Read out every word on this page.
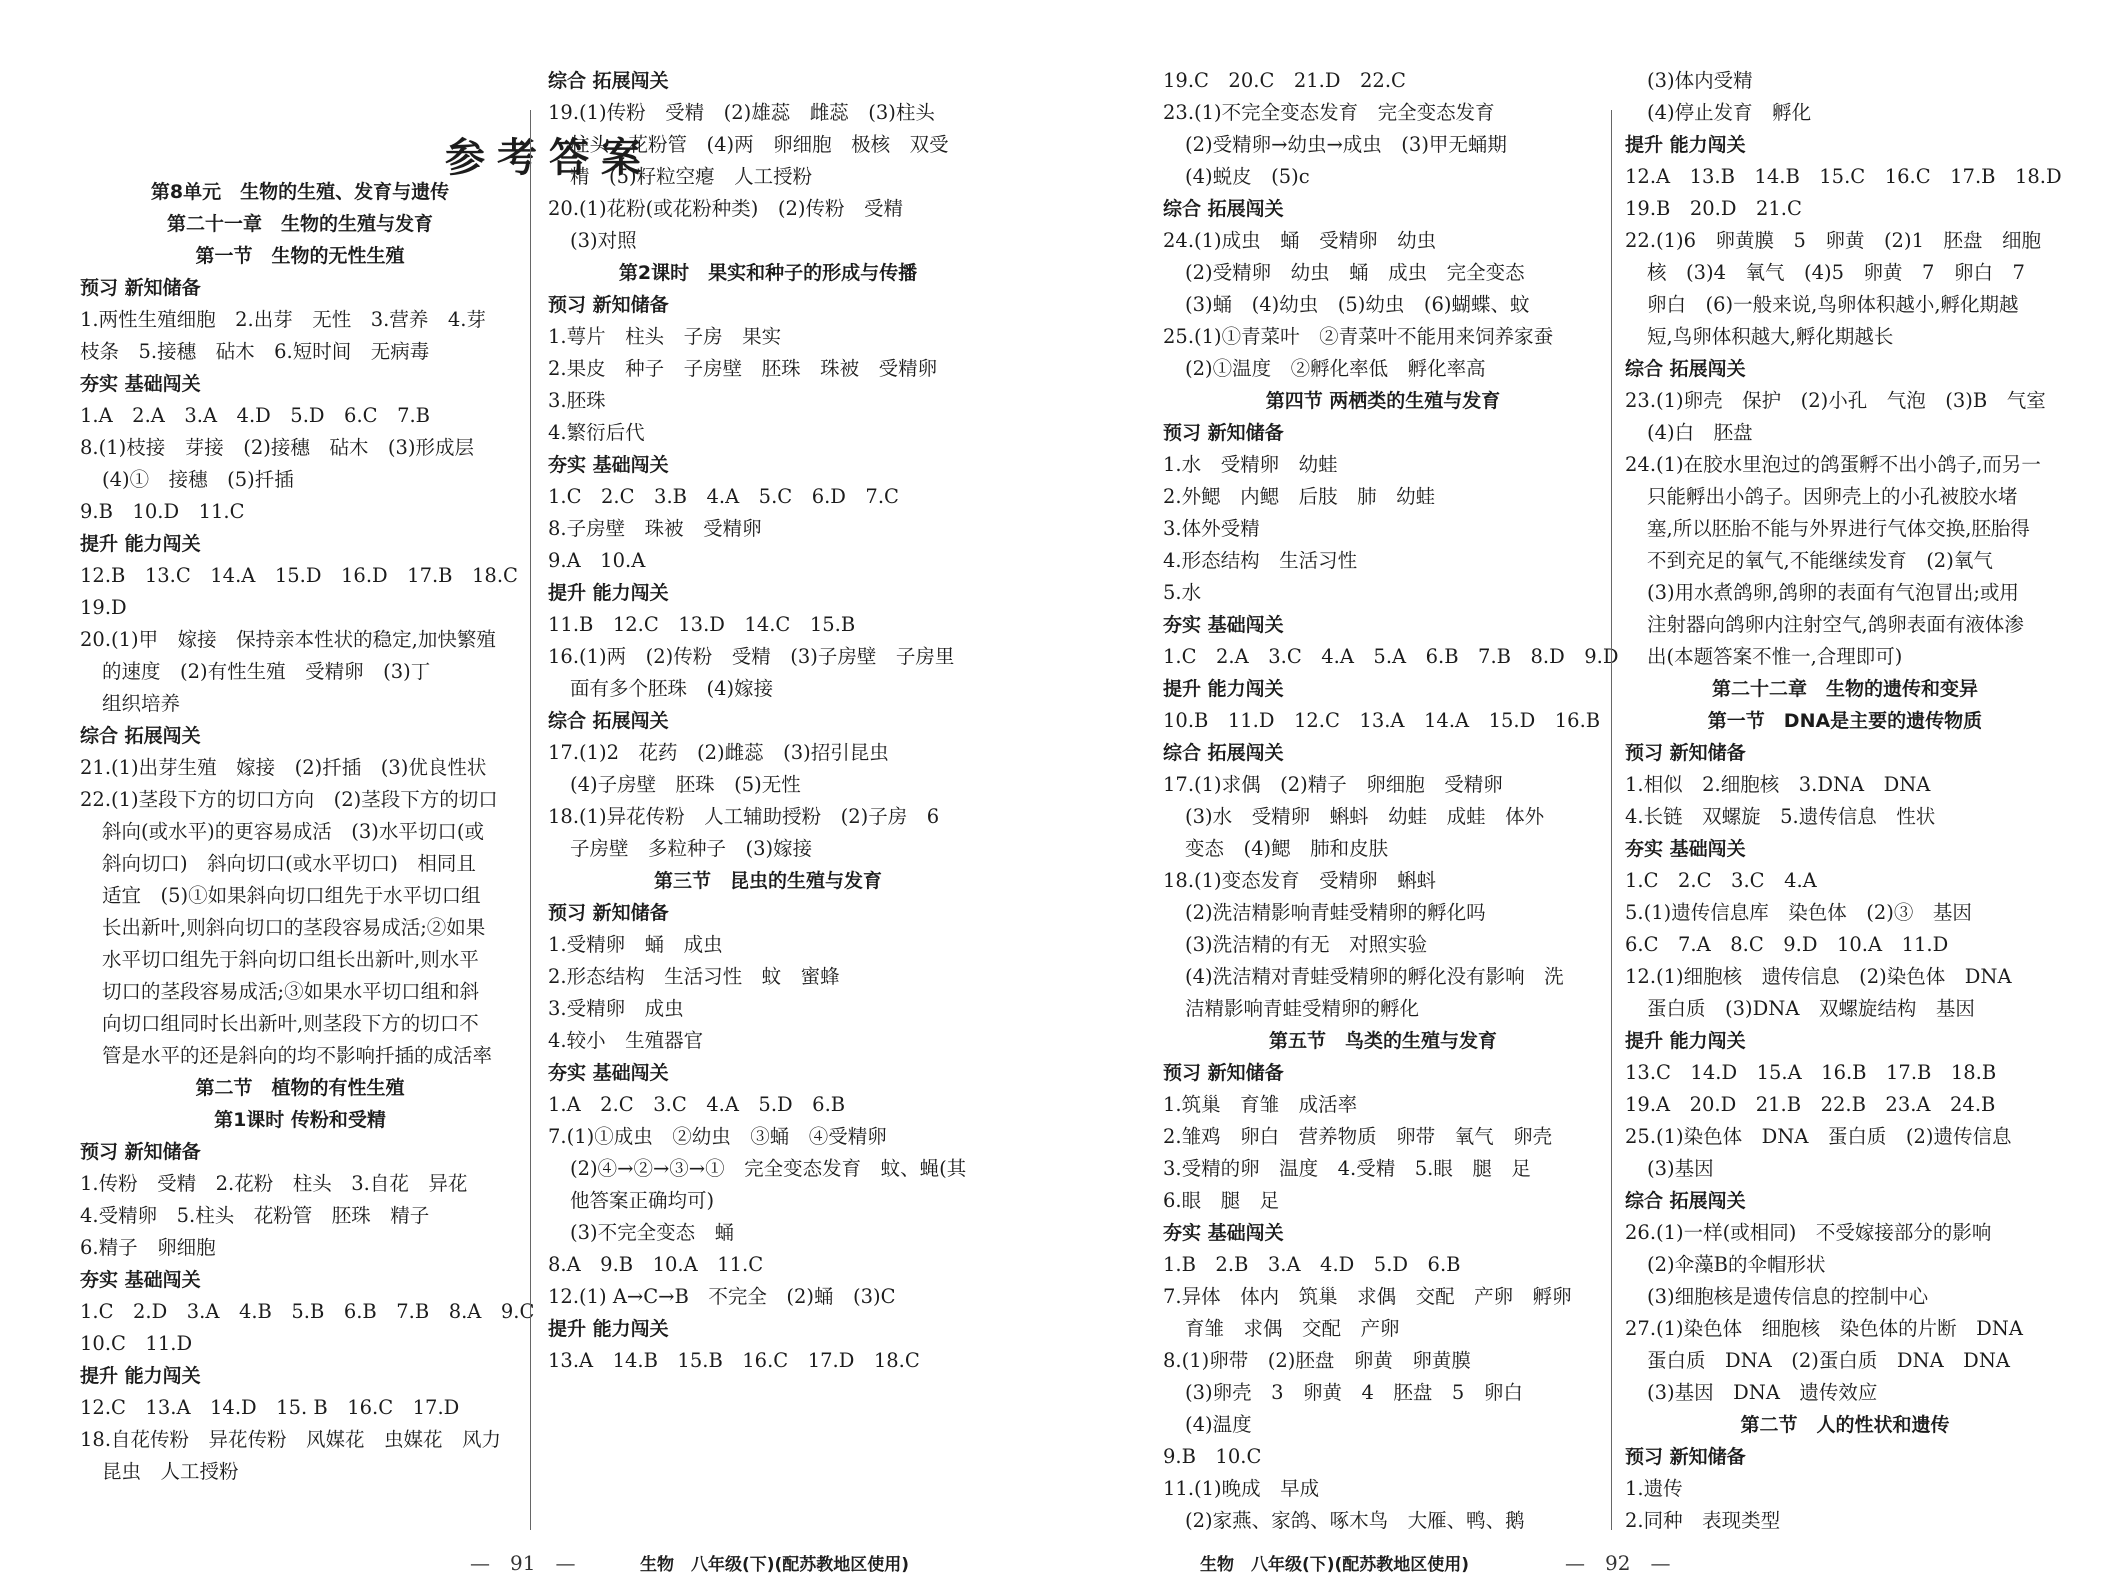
参考答案
第8单元　生物的生殖、发育与遗传
第二十一章　生物的生殖与发育
第一节　生物的无性生殖
预习 新知储备
1.两性生殖细胞　2.出芽　无性　3.营养　4.芽
枝条　5.接穗　砧木　6.短时间　无病毒
夯实 基础闯关
1.A　2.A　3.A　4.D　5.D　6.C　7.B
8.(1)枝接　芽接　(2)接穗　砧木　(3)形成层
(4)①　接穗　(5)扦插
9.B　10.D　11.C
提升 能力闯关
12.B　13.C　14.A　15.D　16.D　17.B　18.C
19.D
20.(1)甲　嫁接　保持亲本性状的稳定,加快繁殖
的速度　(2)有性生殖　受精卵　(3)丁
组织培养
综合 拓展闯关
21.(1)出芽生殖　嫁接　(2)扦插　(3)优良性状
22.(1)茎段下方的切口方向　(2)茎段下方的切口
斜向(或水平)的更容易成活　(3)水平切口(或
斜向切口)　斜向切口(或水平切口)　相同且
适宜　(5)①如果斜向切口组先于水平切口组
长出新叶,则斜向切口的茎段容易成活;②如果
水平切口组先于斜向切口组长出新叶,则水平
切口的茎段容易成活;③如果水平切口组和斜
向切口组同时长出新叶,则茎段下方的切口不
管是水平的还是斜向的均不影响扦插的成活率
第二节　植物的有性生殖
第1课时 传粉和受精
预习 新知储备
1.传粉　受精　2.花粉　柱头　3.自花　异花
4.受精卵　5.柱头　花粉管　胚珠　精子
6.精子　卵细胞
夯实 基础闯关
1.C　2.D　3.A　4.B　5.B　6.B　7.B　8.A　9.C
10.C　11.D
提升 能力闯关
12.C　13.A　14.D　15. B　16.C　17.D
18.自花传粉　异花传粉　风媒花　虫媒花　风力
昆虫　人工授粉
综合 拓展闯关
19.(1)传粉　受精　(2)雄蕊　雌蕊　(3)柱头
柱头　花粉管　(4)两　卵细胞　极核　双受
精　(5)籽粒空瘪　人工授粉
20.(1)花粉(或花粉种类)　(2)传粉　受精
(3)对照
第2课时　果实和种子的形成与传播
预习 新知储备
1.萼片　柱头　子房　果实
2.果皮　种子　子房壁　胚珠　珠被　受精卵
3.胚珠
4.繁衍后代
夯实 基础闯关
1.C　2.C　3.B　4.A　5.C　6.D　7.C
8.子房壁　珠被　受精卵
9.A　10.A
提升 能力闯关
11.B　12.C　13.D　14.C　15.B
16.(1)两　(2)传粉　受精　(3)子房壁　子房里
面有多个胚珠　(4)嫁接
综合 拓展闯关
17.(1)2　花药　(2)雌蕊　(3)招引昆虫
(4)子房壁　胚珠　(5)无性
18.(1)异花传粉　人工辅助授粉　(2)子房　6
子房壁　多粒种子　(3)嫁接
第三节　昆虫的生殖与发育
预习 新知储备
1.受精卵　蛹　成虫
2.形态结构　生活习性　蚊　蜜蜂
3.受精卵　成虫
4.较小　生殖器官
夯实 基础闯关
1.A　2.C　3.C　4.A　5.D　6.B
7.(1)①成虫　②幼虫　③蛹　④受精卵
(2)④→②→③→①　完全变态发育　蚊、蝇(其
他答案正确均可)
(3)不完全变态　蛹
8.A　9.B　10.A　11.C
12.(1) A→C→B　不完全　(2)蛹　(3)C
提升 能力闯关
13.A　14.B　15.B　16.C　17.D　18.C
19.C　20.C　21.D　22.C
23.(1)不完全变态发育　完全变态发育
(2)受精卵→幼虫→成虫　(3)甲无蛹期
(4)蜕皮　(5)c
综合 拓展闯关
24.(1)成虫　蛹　受精卵　幼虫
(2)受精卵　幼虫　蛹　成虫　完全变态
(3)蛹　(4)幼虫　(5)幼虫　(6)蝴蝶、蚊
25.(1)①青菜叶　②青菜叶不能用来饲养家蚕
(2)①温度　②孵化率低　孵化率高
第四节 两栖类的生殖与发育
预习 新知储备
1.水　受精卵　幼蛙
2.外鳃　内鳃　后肢　肺　幼蛙
3.体外受精
4.形态结构　生活习性
5.水
夯实 基础闯关
1.C　2.A　3.C　4.A　5.A　6.B　7.B　8.D　9.D
提升 能力闯关
10.B　11.D　12.C　13.A　14.A　15.D　16.B
综合 拓展闯关
17.(1)求偶　(2)精子　卵细胞　受精卵
(3)水　受精卵　蝌蚪　幼蛙　成蛙　体外
变态　(4)鳃　肺和皮肤
18.(1)变态发育　受精卵　蝌蚪
(2)洗洁精影响青蛙受精卵的孵化吗
(3)洗洁精的有无　对照实验
(4)洗洁精对青蛙受精卵的孵化没有影响　洗
洁精影响青蛙受精卵的孵化
第五节　鸟类的生殖与发育
预习 新知储备
1.筑巢　育雏　成活率
2.雏鸡　卵白　营养物质　卵带　氧气　卵壳
3.受精的卵　温度　4.受精　5.眼　腿　足
6.眼　腿　足
夯实 基础闯关
1.B　2.B　3.A　4.D　5.D　6.B
7.异体　体内　筑巢　求偶　交配　产卵　孵卵
育雏　求偶　交配　产卵
8.(1)卵带　(2)胚盘　卵黄　卵黄膜
(3)卵壳　3　卵黄　4　胚盘　5　卵白
(4)温度
9.B　10.C
11.(1)晚成　早成
(2)家燕、家鸽、啄木鸟　大雁、鸭、鹅
(3)体内受精
(4)停止发育　孵化
提升 能力闯关
12.A　13.B　14.B　15.C　16.C　17.B　18.D
19.B　20.D　21.C
22.(1)6　卵黄膜　5　卵黄　(2)1　胚盘　细胞
核　(3)4　氧气　(4)5　卵黄　7　卵白　7
卵白　(6)一般来说,鸟卵体积越小,孵化期越
短,鸟卵体积越大,孵化期越长
综合 拓展闯关
23.(1)卵壳　保护　(2)小孔　气泡　(3)B　气室
(4)白　胚盘
24.(1)在胶水里泡过的鸽蛋孵不出小鸽子,而另一
只能孵出小鸽子。因卵壳上的小孔被胶水堵
塞,所以胚胎不能与外界进行气体交换,胚胎得
不到充足的氧气,不能继续发育　(2)氧气
(3)用水煮鸽卵,鸽卵的表面有气泡冒出;或用
注射器向鸽卵内注射空气,鸽卵表面有液体渗
出(本题答案不惟一,合理即可)
第二十二章　生物的遗传和变异
第一节　DNA是主要的遗传物质
预习 新知储备
1.相似　2.细胞核　3.DNA　DNA
4.长链　双螺旋　5.遗传信息　性状
夯实 基础闯关
1.C　2.C　3.C　4.A
5.(1)遗传信息库　染色体　(2)③　基因
6.C　7.A　8.C　9.D　10.A　11.D
12.(1)细胞核　遗传信息　(2)染色体　DNA
蛋白质　(3)DNA　双螺旋结构　基因
提升 能力闯关
13.C　14.D　15.A　16.B　17.B　18.B
19.A　20.D　21.B　22.B　23.A　24.B
25.(1)染色体　DNA　蛋白质　(2)遗传信息
(3)基因
综合 拓展闯关
26.(1)一样(或相同)　不受嫁接部分的影响
(2)伞藻B的伞帽形状
(3)细胞核是遗传信息的控制中心
27.(1)染色体　细胞核　染色体的片断　DNA
蛋白质　DNA　(2)蛋白质　DNA　DNA
(3)基因　DNA　遗传效应
第二节　人的性状和遗传
预习 新知储备
1.遗传
2.同种　表现类型
—　91　—	生物　八年级(下)(配苏教地区使用)	生物　八年级(下)(配苏教地区使用)	—　92　—
